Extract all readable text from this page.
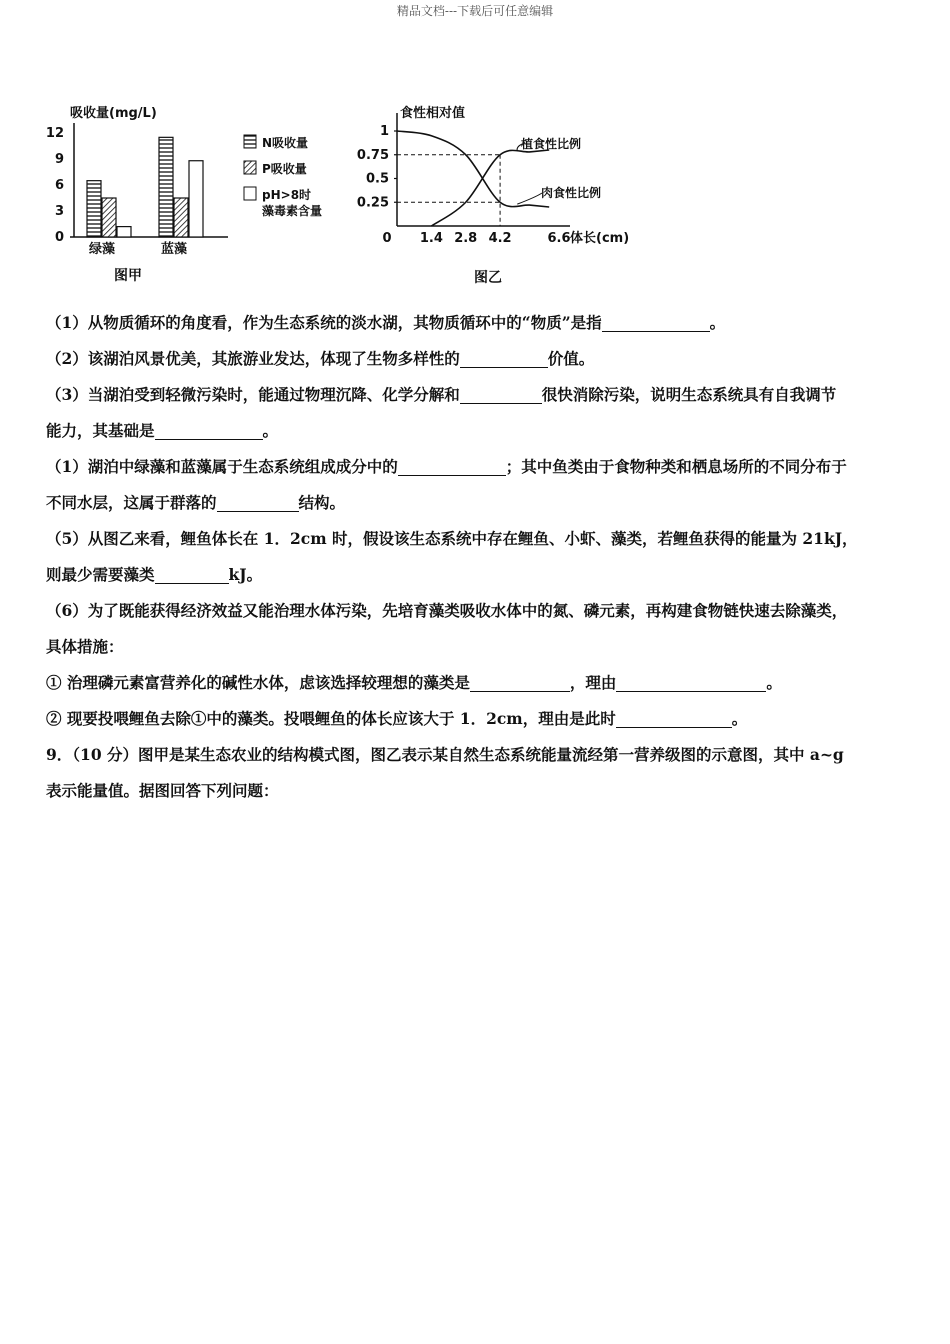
精品文档---下载后可任意编辑
吸收量(mg/L)
12
9
6
3
0
绿藻	蓝藻
图甲
N吸收量
P吸收量
pH>8时
藻毒素含量
食性相对值
1
0.75
0.5
0.25
0 1.4 2.8 4.2	6.6
植食性比例
肉食性比例
体长(cm)
图乙
（1）从物质循环的角度看，作为生态系统的淡水湖，其物质循环中的“物质”是指	。
（2）该湖泊风景优美，其旅游业发达，体现了生物多样性的	价值。
（3）当湖泊受到轻微污染时，能通过物理沉降、化学分解和	很快消除污染，说明生态系统具有自我调节
能力，其基础是	。
（1）湖泊中绿藻和蓝藻属于生态系统组成成分中的	；其中鱼类由于食物种类和栖息场所的不同分布于
不同水层，这属于群落的	结构。
（5）从图乙来看，鲤鱼体长在 1．2cm 时，假设该生态系统中存在鲤鱼、小虾、藻类，若鲤鱼获得的能量为 21kJ，
则最少需要藻类	kJ。
（6）为了既能获得经济效益又能治理水体污染，先培育藻类吸收水体中的氮、磷元素，再构建食物链快速去除藻类，
具体措施：
① 治理磷元素富营养化的碱性水体，虑该选择较理想的藻类是	，理由	。
② 现要投喂鲤鱼去除①中的藻类。投喂鲤鱼的体长应该大于 1．2cm，理由是此时	。
9．（10 分）图甲是某生态农业的结构模式图，图乙表示某自然生态系统能量流经第一营养级图的示意图，其中 a~g
表示能量值。据图回答下列问题：
